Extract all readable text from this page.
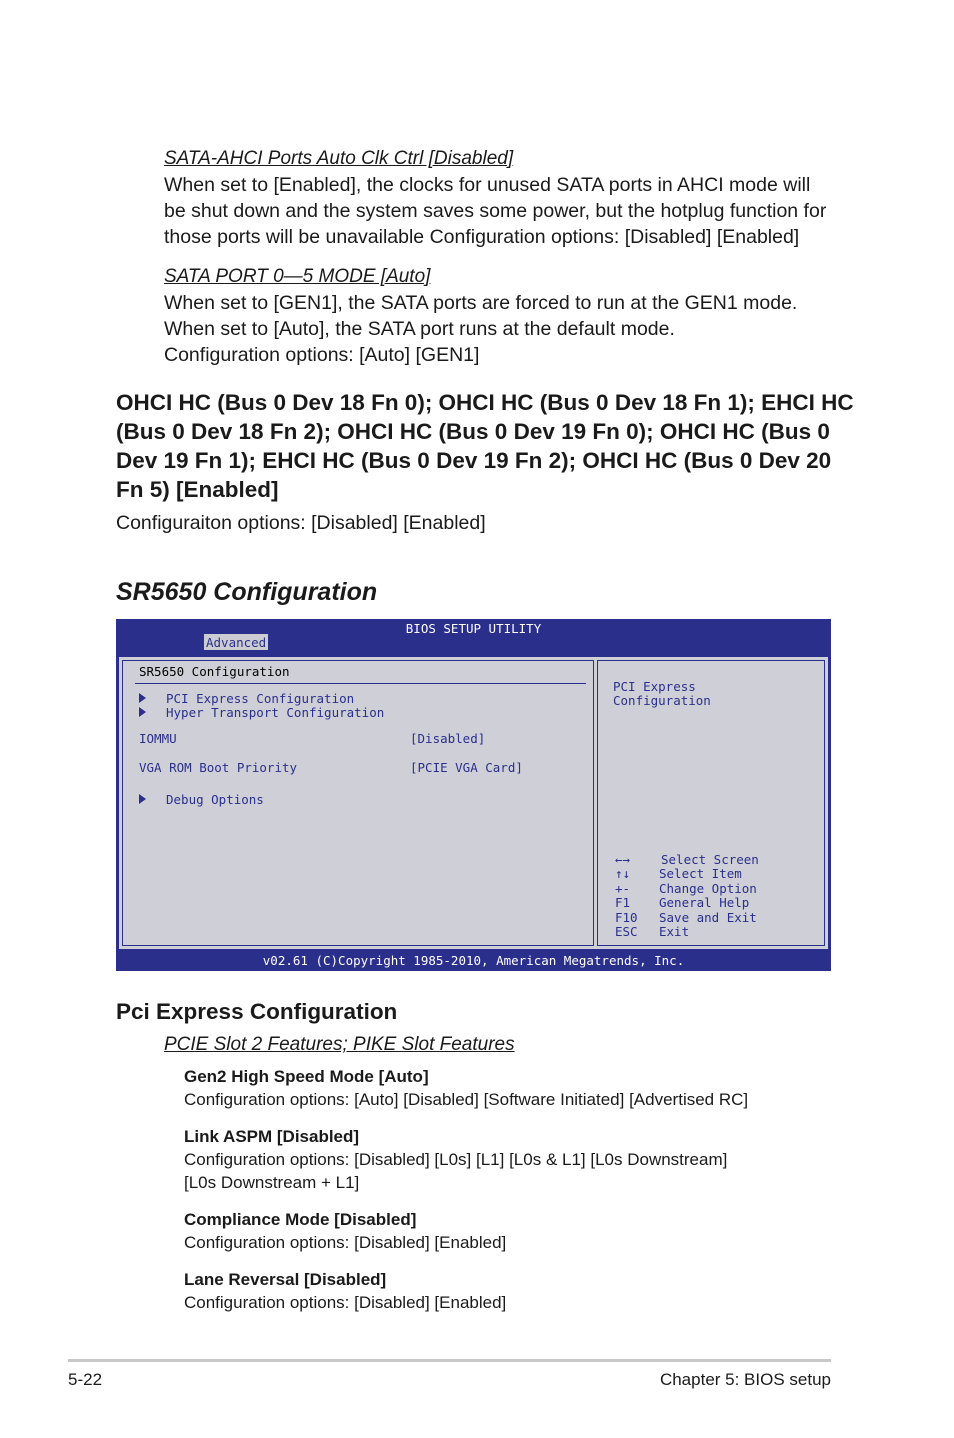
SATA-AHCI Ports Auto Clk Ctrl [Disabled]
When set to [Enabled], the clocks for unused SATA ports in AHCI mode will
be shut down and the system saves some power, but the hotplug function for
those ports will be unavailable Configuration options: [Disabled] [Enabled]
SATA PORT 0—5 MODE [Auto]
When set to [GEN1], the SATA ports are forced to run at the GEN1 mode.
When set to [Auto], the SATA port runs at the default mode.
Configuration options: [Auto] [GEN1]
OHCI HC (Bus 0 Dev 18 Fn 0); OHCI HC (Bus 0 Dev 18 Fn 1); EHCI HC
(Bus 0 Dev 18 Fn 2); OHCI HC (Bus 0 Dev 19 Fn 0); OHCI HC (Bus 0
Dev 19 Fn 1); EHCI HC (Bus 0 Dev 19 Fn 2); OHCI HC (Bus 0 Dev 20
Fn 5) [Enabled]
Configuraiton options: [Disabled] [Enabled]
SR5650 Configuration
BIOS SETUP UTILITY
Advanced
SR5650 Configuration
PCI Express Configuration
Hyper Transport Configuration
IOMMU	[Disabled]
VGA ROM Boot Priority	[PCIE VGA Card]
Debug Options
PCI Express
Configuration
←→ Select Screen
↑↓ Select Item
+- Change Option
F1 General Help
F10 Save and Exit
ESC Exit
v02.61 (C)Copyright 1985-2010, American Megatrends, Inc.
Pci Express Configuration
PCIE Slot 2 Features; PIKE Slot Features
Gen2 High Speed Mode [Auto]
Configuration options: [Auto] [Disabled] [Software Initiated] [Advertised RC]
Link ASPM [Disabled]
Configuration options: [Disabled] [L0s] [L1] [L0s & L1] [L0s Downstream]
[L0s Downstream + L1]
Compliance Mode [Disabled]
Configuration options: [Disabled] [Enabled]
Lane Reversal [Disabled]
Configuration options: [Disabled] [Enabled]
5-22	Chapter 5: BIOS setup
